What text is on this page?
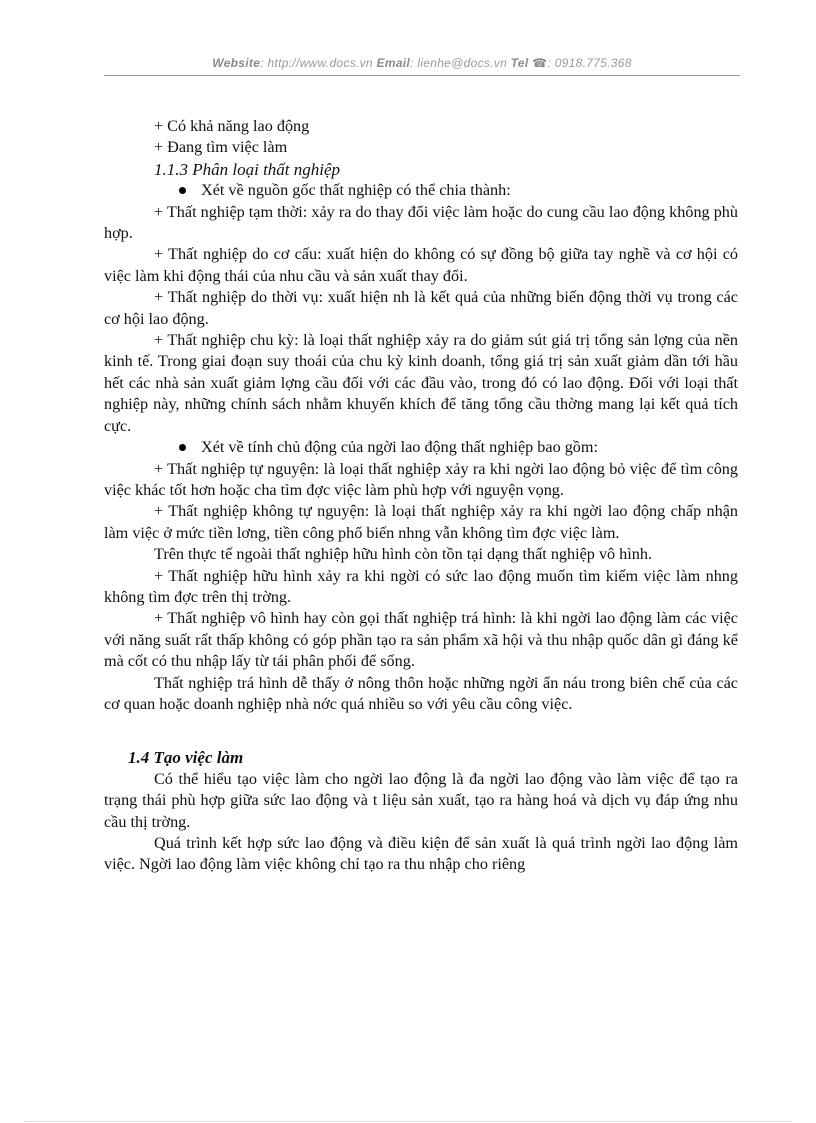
Website: http://www.docs.vn Email: lienhe@docs.vn Tel ☎: 0918.775.368

+ Có khả năng lao động

+ Đang tìm việc làm

1.1.3 Phân loại thất nghiệp

Xét về nguồn gốc thất nghiệp có thể chia thành:

+ Thất nghiệp tạm thời: xảy ra do thay đổi việc làm hoặc do cung cầu lao động không phù hợp.

+ Thất nghiệp do cơ cấu: xuất hiện do không có sự đồng bộ giữa tay nghề và cơ hội có việc làm khi động thái của nhu cầu và sản xuất thay đổi.

+ Thất nghiệp do thời vụ: xuất hiện nh là kết quả của những biến động thời vụ trong các cơ hội lao động.

+ Thất nghiệp chu kỳ: là loại thất nghiệp xảy ra do giảm sút giá trị tổng sản lợng của nền kinh tế. Trong giai đoạn suy thoái của chu kỳ kinh doanh, tổng giá trị sản xuất giảm dần tới hầu hết các nhà sản xuất giảm lợng cầu đối với các đầu vào, trong đó có lao động. Đối với loại thất nghiệp này, những chính sách nhằm khuyến khích để tăng tổng cầu thờng mang lại kết quả tích cực.

Xét về tính chủ động của ngời lao động thất nghiệp bao gồm:

+ Thất nghiệp tự nguyện: là loại thất nghiệp xảy ra khi ngời lao động bỏ việc để tìm công việc khác tốt hơn hoặc cha tìm đợc việc làm phù hợp với nguyện vọng.

+ Thất nghiệp không tự nguyện: là loại thất nghiệp xảy ra khi ngời lao động chấp nhận làm việc ở mức tiền lơng, tiền công phổ biến nhng vẫn không tìm đợc việc làm.

Trên thực tế ngoài thất nghiệp hữu hình còn tồn tại dạng thất nghiệp vô hình.

+ Thất nghiệp hữu hình xảy ra khi ngời có sức lao động muốn tìm kiếm việc làm nhng không tìm đợc trên thị trờng.

+ Thất nghiệp vô hình hay còn gọi thất nghiệp trá hình: là khi ngời lao động làm các việc với năng suất rất thấp không có góp phần tạo ra sản phẩm xã hội và thu nhập quốc dân gì đáng kể mà cốt có thu nhập lấy từ tái phân phối để sống.

Thất nghiệp trá hình dễ thấy ở nông thôn hoặc những ngời ẩn náu trong biên chế của các cơ quan hoặc doanh nghiệp nhà nớc quá nhiều so với yêu cầu công việc.

1.4 Tạo việc làm

Có thể hiểu tạo việc làm cho ngời lao động là đa ngời lao động vào làm việc để tạo ra trạng thái phù hợp giữa sức lao động và t liệu sản xuất, tạo ra hàng hoá và dịch vụ đáp ứng nhu cầu thị trờng.

Quá trình kết hợp sức lao động và điều kiện để sản xuất là quá trình ngời lao động làm việc. Ngời lao động làm việc không chỉ tạo ra thu nhập cho riêng
